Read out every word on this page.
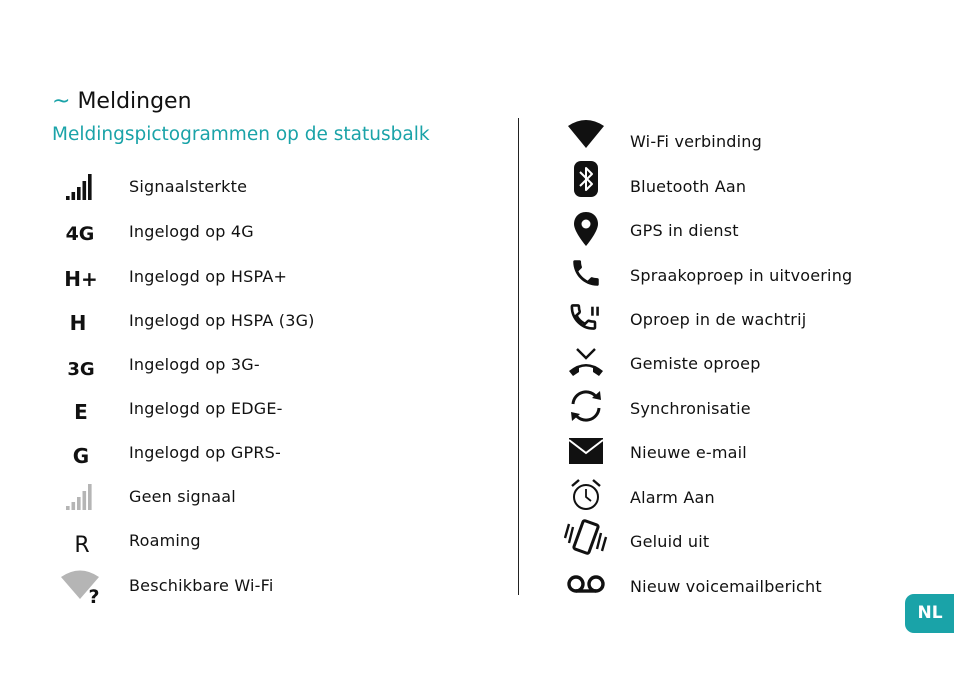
~ Meldingen
Meldingspictogrammen op de statusbalk
Signaalsterkte
4G Ingelogd op 4G
H+ Ingelogd op HSPA+
H	Ingelogd op HSPA (3G)
3G Ingelogd op 3G-
E	Ingelogd op EDGE-
G Ingelogd op GPRS-
Geen signaal
R Roaming
?
Beschikbare Wi-Fi
Wi-Fi verbinding
Bluetooth Aan
GPS in dienst
Spraakoproep in uitvoering
Oproep in de wachtrij
Gemiste oproep
Synchronisatie
Nieuwe e-mail
Alarm Aan
Geluid uit
Nieuw voicemailbericht
NL
